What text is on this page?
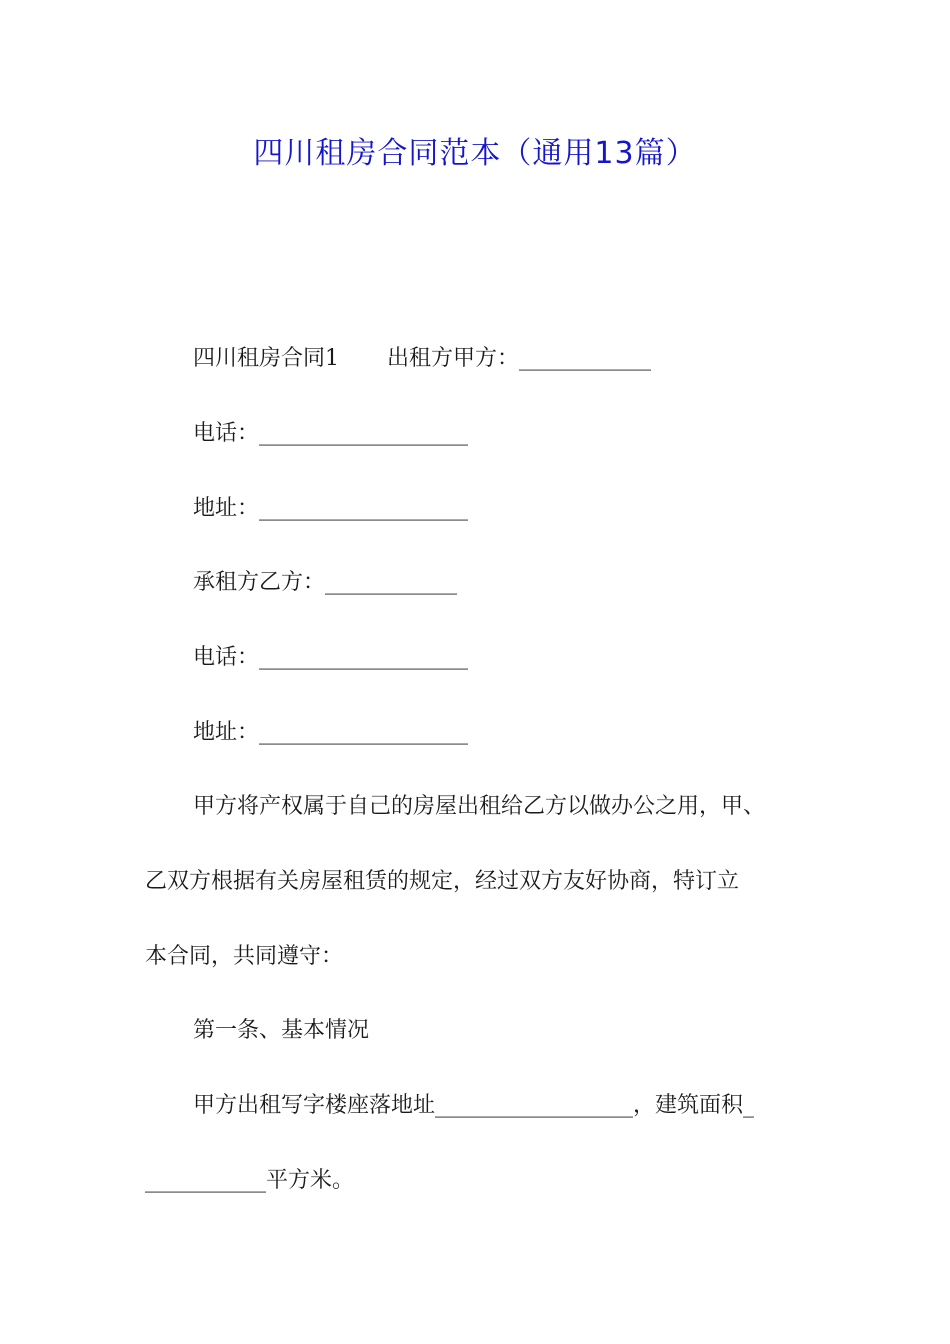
四川租房合同范本（通用13篇）
四川租房合同1 出租方甲方：____________
电话：___________________
地址：___________________
承租方乙方：____________
电话：___________________
地址：___________________
甲方将产权属于自己的房屋出租给乙方以做办公之用，甲、
乙双方根据有关房屋租赁的规定，经过双方友好协商，特订立
本合同，共同遵守：
第一条、基本情况
甲方出租写字楼座落地址__________________，建筑面积_
___________平方米。
